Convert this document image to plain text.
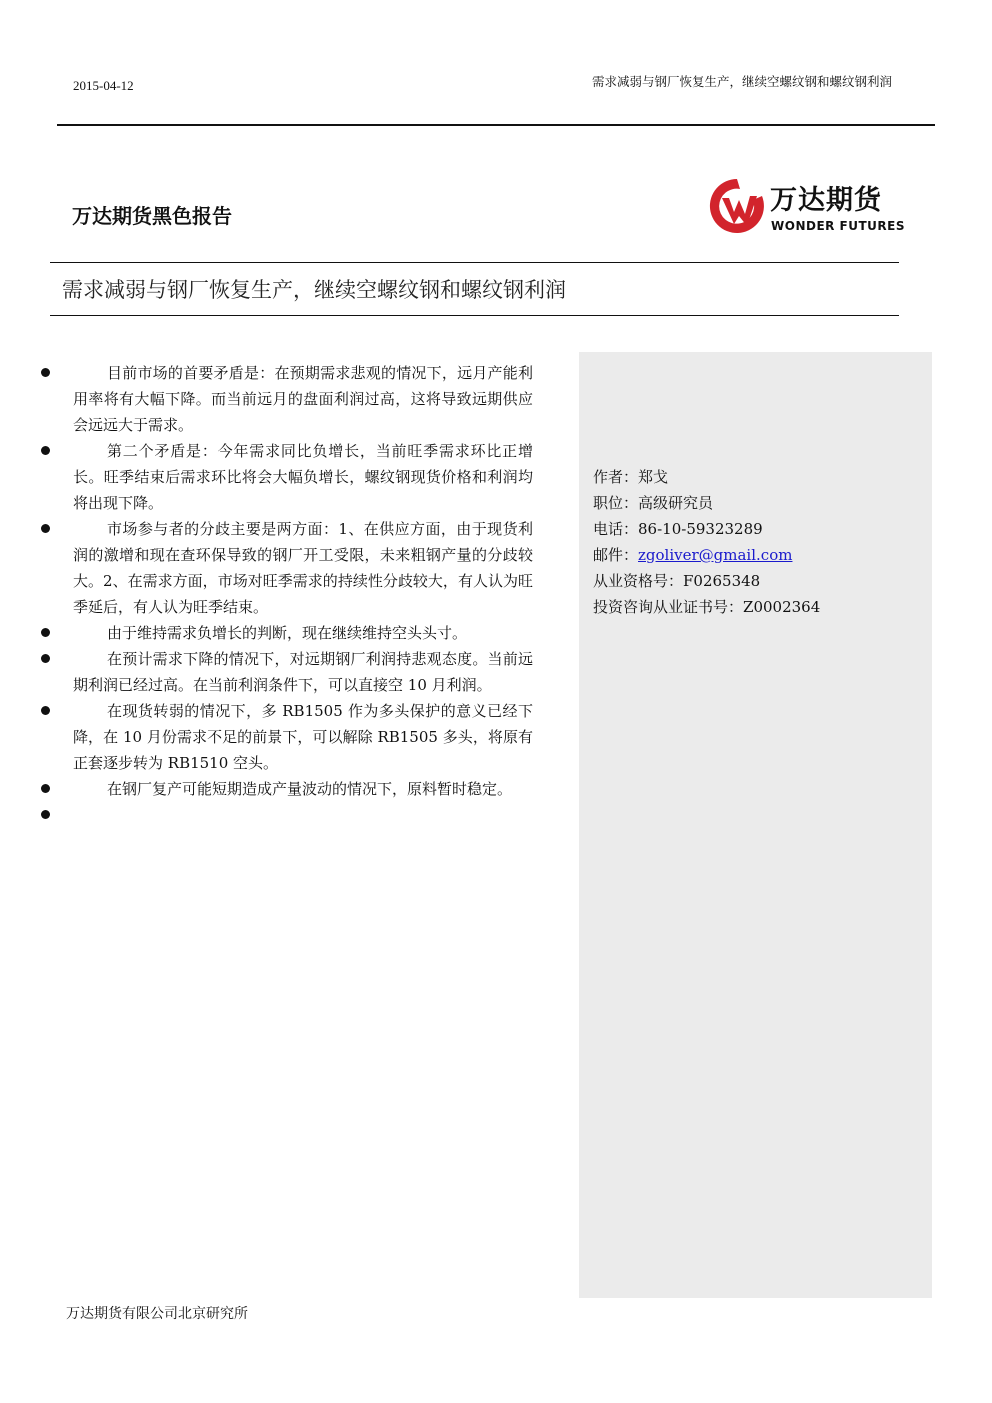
2015-04-12	需求减弱与钢厂恢复生产，继续空螺纹钢和螺纹钢利润
万达期货黑色报告	万达期货
WONDER FUTURES
需求减弱与钢厂恢复生产，继续空螺纹钢和螺纹钢利润

目前市场的首要矛盾是：在预期需求悲观的情况下，远月产能利用率将有大幅下降。而当前远月的盘面利润过高，这将导致远期供应会远远大于需求。

第二个矛盾是：今年需求同比负增长，当前旺季需求环比正增长。旺季结束后需求环比将会大幅负增长，螺纹钢现货价格和利润均将出现下降。

市场参与者的分歧主要是两方面：1、在供应方面，由于现货利润的激增和现在查环保导致的钢厂开工受限，未来粗钢产量的分歧较大。2、在需求方面，市场对旺季需求的持续性分歧较大，有人认为旺季延后，有人认为旺季结束。

由于维持需求负增长的判断，现在继续维持空头头寸。

在预计需求下降的情况下，对远期钢厂利润持悲观态度。当前远期利润已经过高。在当前利润条件下，可以直接空 10 月利润。

在现货转弱的情况下，多 RB1505 作为多头保护的意义已经下降，在 10 月份需求不足的前景下，可以解除 RB1505 多头，将原有正套逐步转为 RB1510 空头。

在钢厂复产可能短期造成产量波动的情况下，原料暂时稳定。

作者：郑戈
职位：高级研究员
电话：86-10-59323289
邮件：zgoliver@gmail.com
从业资格号：F0265348
投资咨询从业证书号：Z0002364
万达期货有限公司北京研究所
